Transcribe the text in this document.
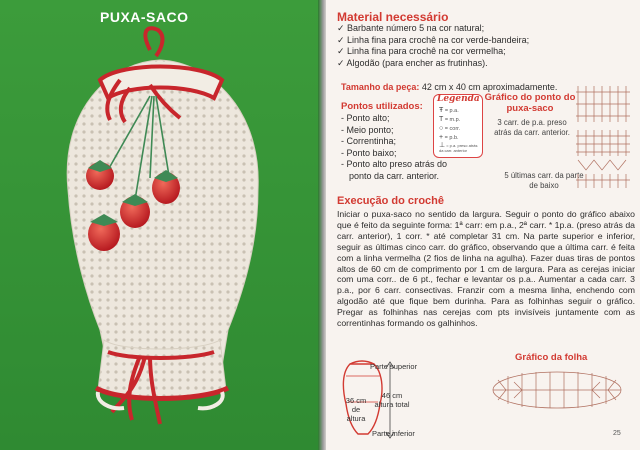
PUXA-SACO	Material necessário
✓ Barbante número 5 na cor natural;
✓ Linha fina para crochê na cor verde-bandeira;
✓ Linha fina para crochê na cor vermelha;
✓ Algodão (para encher as frutinhas).
Tamanho da peça: 42 cm x 40 cm aproximadamente.
Pontos utilizados:
- Ponto alto;
- Meio ponto;
- Correntinha;
- Ponto baixo;
- Ponto alto preso atrás do
ponto da carr. anterior.
Legenda
Ŧ = p.a.
T = m.p.
○ = corr.
+ = p.b.
⊥ = p.a. preso atrás da carr. anterior
Gráfico do ponto do puxa-saco
3 carr. de p.a. preso atrás da carr. anterior.
5 últimas carr. da parte de baixo
Execução do crochê
Iniciar o puxa-saco no sentido da largura. Seguir o ponto do gráfico abaixo que é feito da seguinte forma: 1ª carr: em p.a., 2ª carr. * 1p.a. (preso atrás da carr. anterior), 1 corr. * até completar 31 cm. Na parte superior e inferior, seguir as últimas cinco carr. do gráfico, observando que a última carr. é feita com a linha vermelha (2 fios de linha na agulha). Fazer duas tiras de pontos altos de 60 cm de comprimento por 1 cm de largura. Para as cerejas iniciar com uma corr.. de 6 pt., fechar e levantar os p.a.. Aumentar a cada carr. 3 p.a., por 6 carr. consectivas. Franzir com a mesma linha, enchendo com algodão até que fique bem durinha. Para as folhinhas seguir o gráfico. Pregar as folhinhas nas cerejas com pts invisíveis juntamente com as correntinhas formando os galhinhos.
Parte superior
36 cm de altura
46 cm altura total
Parte inferior
Gráfico da folha
25
